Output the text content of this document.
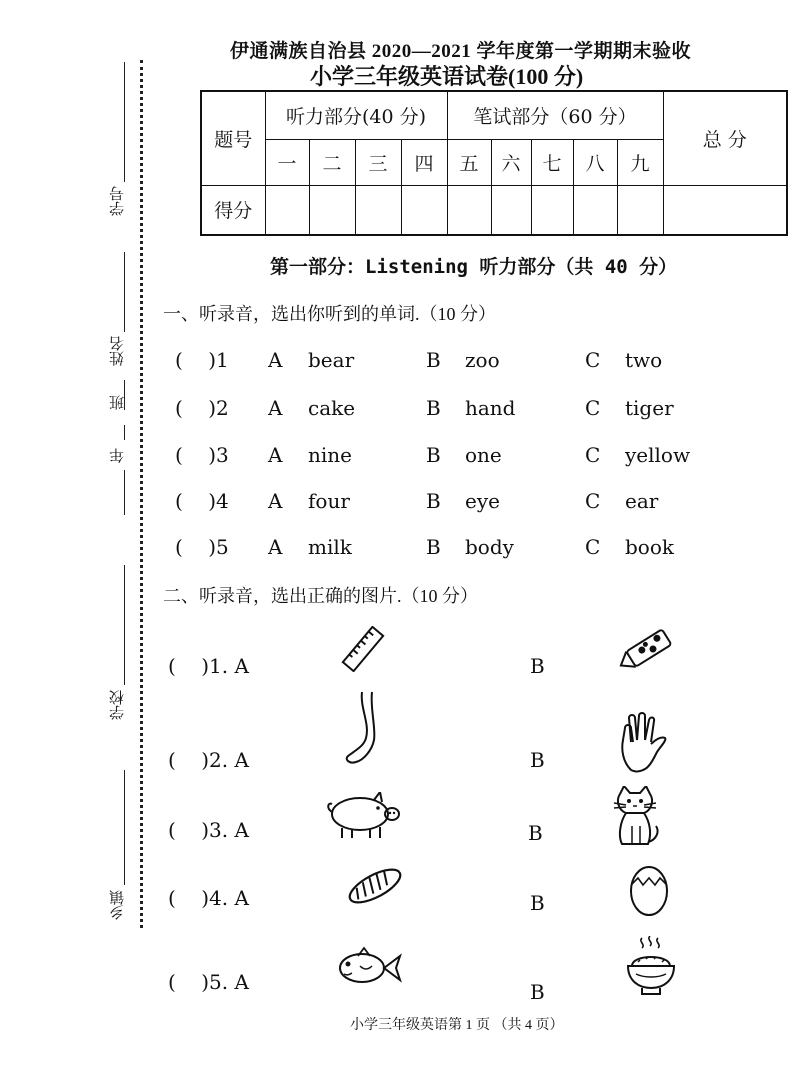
学号
姓名
班
年
学校
乡镇
伊通满族自治县 2020—2021 学年度第一学期期末验收
小学三年级英语试卷(100 分)
题号	听力部分(40 分)				笔试部分（60 分）					总 分
	一	二	三	四	五	六	七	八	九	
得分										
第一部分：Listening 听力部分（共 40 分）
一、听录音，选出你听到的单词.（10 分）
(    )1 A bear	B zoo	C two
(    )2 A cake	B hand	C tiger
(    )3 A nine	B one	C yellow
(    )4 A four	B eye	C ear
(    )5 A milk	B body	C book
二、听录音，选出正确的图片.（10 分）
(    )1. A	B
(    )2. A	B
(    )3. A	B
(    )4. A	B
(    )5. A	B
小学三年级英语第 1 页 （共 4 页）
